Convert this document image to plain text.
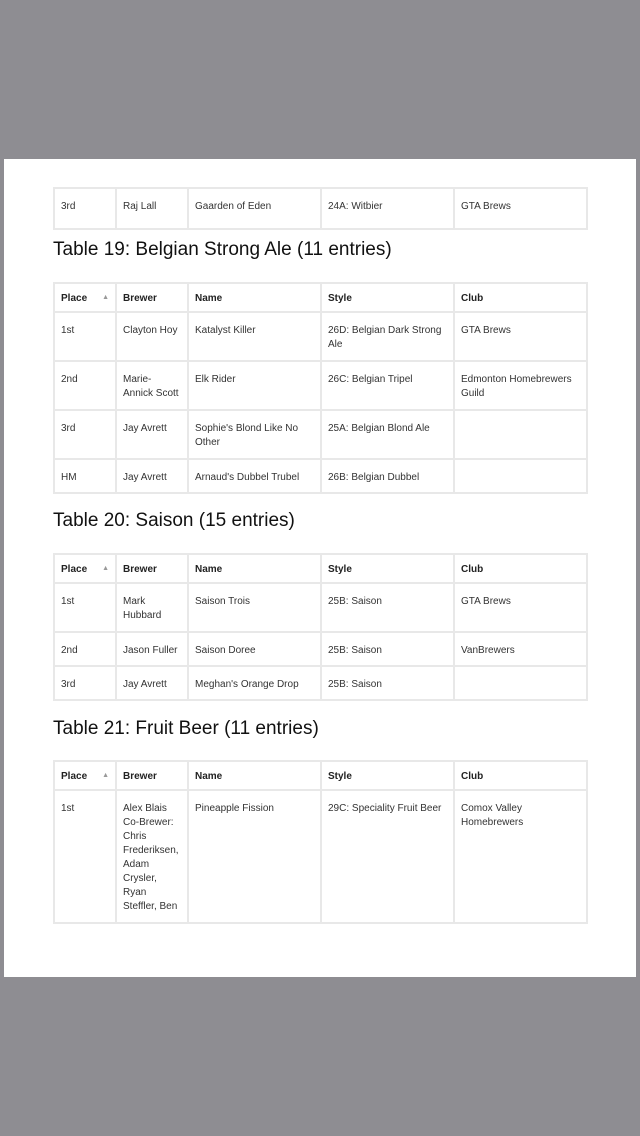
3rd	Raj Lall	Gaarden of Eden	24A: Witbier	GTA Brews
Table 19: Belgian Strong Ale (11 entries)
Place ▲	Brewer	Name	Style	Club
1st	Clayton Hoy	Katalyst Killer	26D: Belgian Dark Strong Ale	GTA Brews
2nd	Marie-Annick Scott	Elk Rider	26C: Belgian Tripel	Edmonton Homebrewers Guild
3rd	Jay Avrett	Sophie's Blond Like No Other	25A: Belgian Blond Ale	
HM	Jay Avrett	Arnaud's Dubbel Trubel	26B: Belgian Dubbel	
Table 20: Saison (15 entries)
Place ▲	Brewer	Name	Style	Club
1st	Mark Hubbard	Saison Trois	25B: Saison	GTA Brews
2nd	Jason Fuller	Saison Doree	25B: Saison	VanBrewers
3rd	Jay Avrett	Meghan's Orange Drop	25B: Saison	
Table 21: Fruit Beer (11 entries)
Place ▲	Brewer	Name	Style	Club
1st	Alex Blais Co-Brewer: Chris Frederiksen, Adam Crysler, Ryan Steffler, Ben	Pineapple Fission	29C: Speciality Fruit Beer	Comox Valley Homebrewers
